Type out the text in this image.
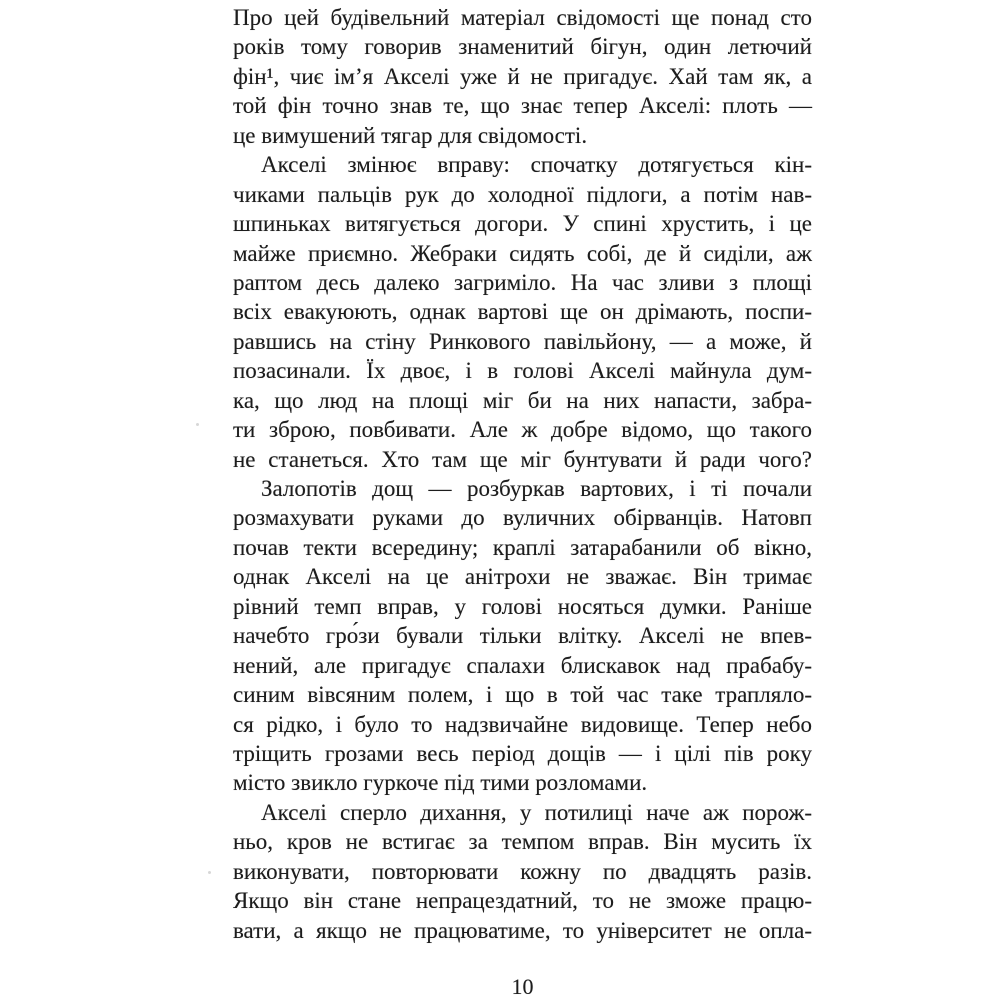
Про цей будівельний матеріал свідомості ще понад сто
років тому говорив знаменитий бігун, один летючий
фін¹, чиє ім’я Акселі уже й не пригадує. Хай там як, а
той фін точно знав те, що знає тепер Акселі: плоть —
це вимушений тягар для свідомості.
Акселі змінює вправу: спочатку дотягується кін-
чиками пальців рук до холодної підлоги, а потім нав-
шпиньках витягується догори. У спині хрустить, і це
майже приємно. Жебраки сидять собі, де й сиділи, аж
раптом десь далеко загриміло. На час зливи з площі
всіх евакуюють, однак вартові ще он дрімають, поспи-
равшись на стіну Ринкового павільйону, — а може, й
позасинали. Їх двоє, і в голові Акселі майнула дум-
ка, що люд на площі міг би на них напасти, забра-
ти зброю, повбивати. Але ж добре відомо, що такого
не станеться. Хто там ще міг бунтувати й ради чого?
Залопотів дощ — розбуркав вартових, і ті почали
розмахувати руками до вуличних обірванців. Натовп
почав текти всередину; краплі затарабанили об вікно,
однак Акселі на це анітрохи не зважає. Він тримає
рівний темп вправ, у голові носяться думки. Раніше
начебто гро́зи бували тільки влітку. Акселі не впев-
нений, але пригадує спалахи блискавок над прабабу-
синим вівсяним полем, і що в той час таке трапляло-
ся рідко, і було то надзвичайне видовище. Тепер небо
тріщить грозами весь період дощів — і цілі пів року
місто звикло гуркоче під тими розломами.
Акселі сперло дихання, у потилиці наче аж порож-
ньо, кров не встигає за темпом вправ. Він мусить їх
виконувати, повторювати кожну по двадцять разів.
Якщо він стане непрацездатний, то не зможе працю-
вати, а якщо не працюватиме, то університет не опла-
10
